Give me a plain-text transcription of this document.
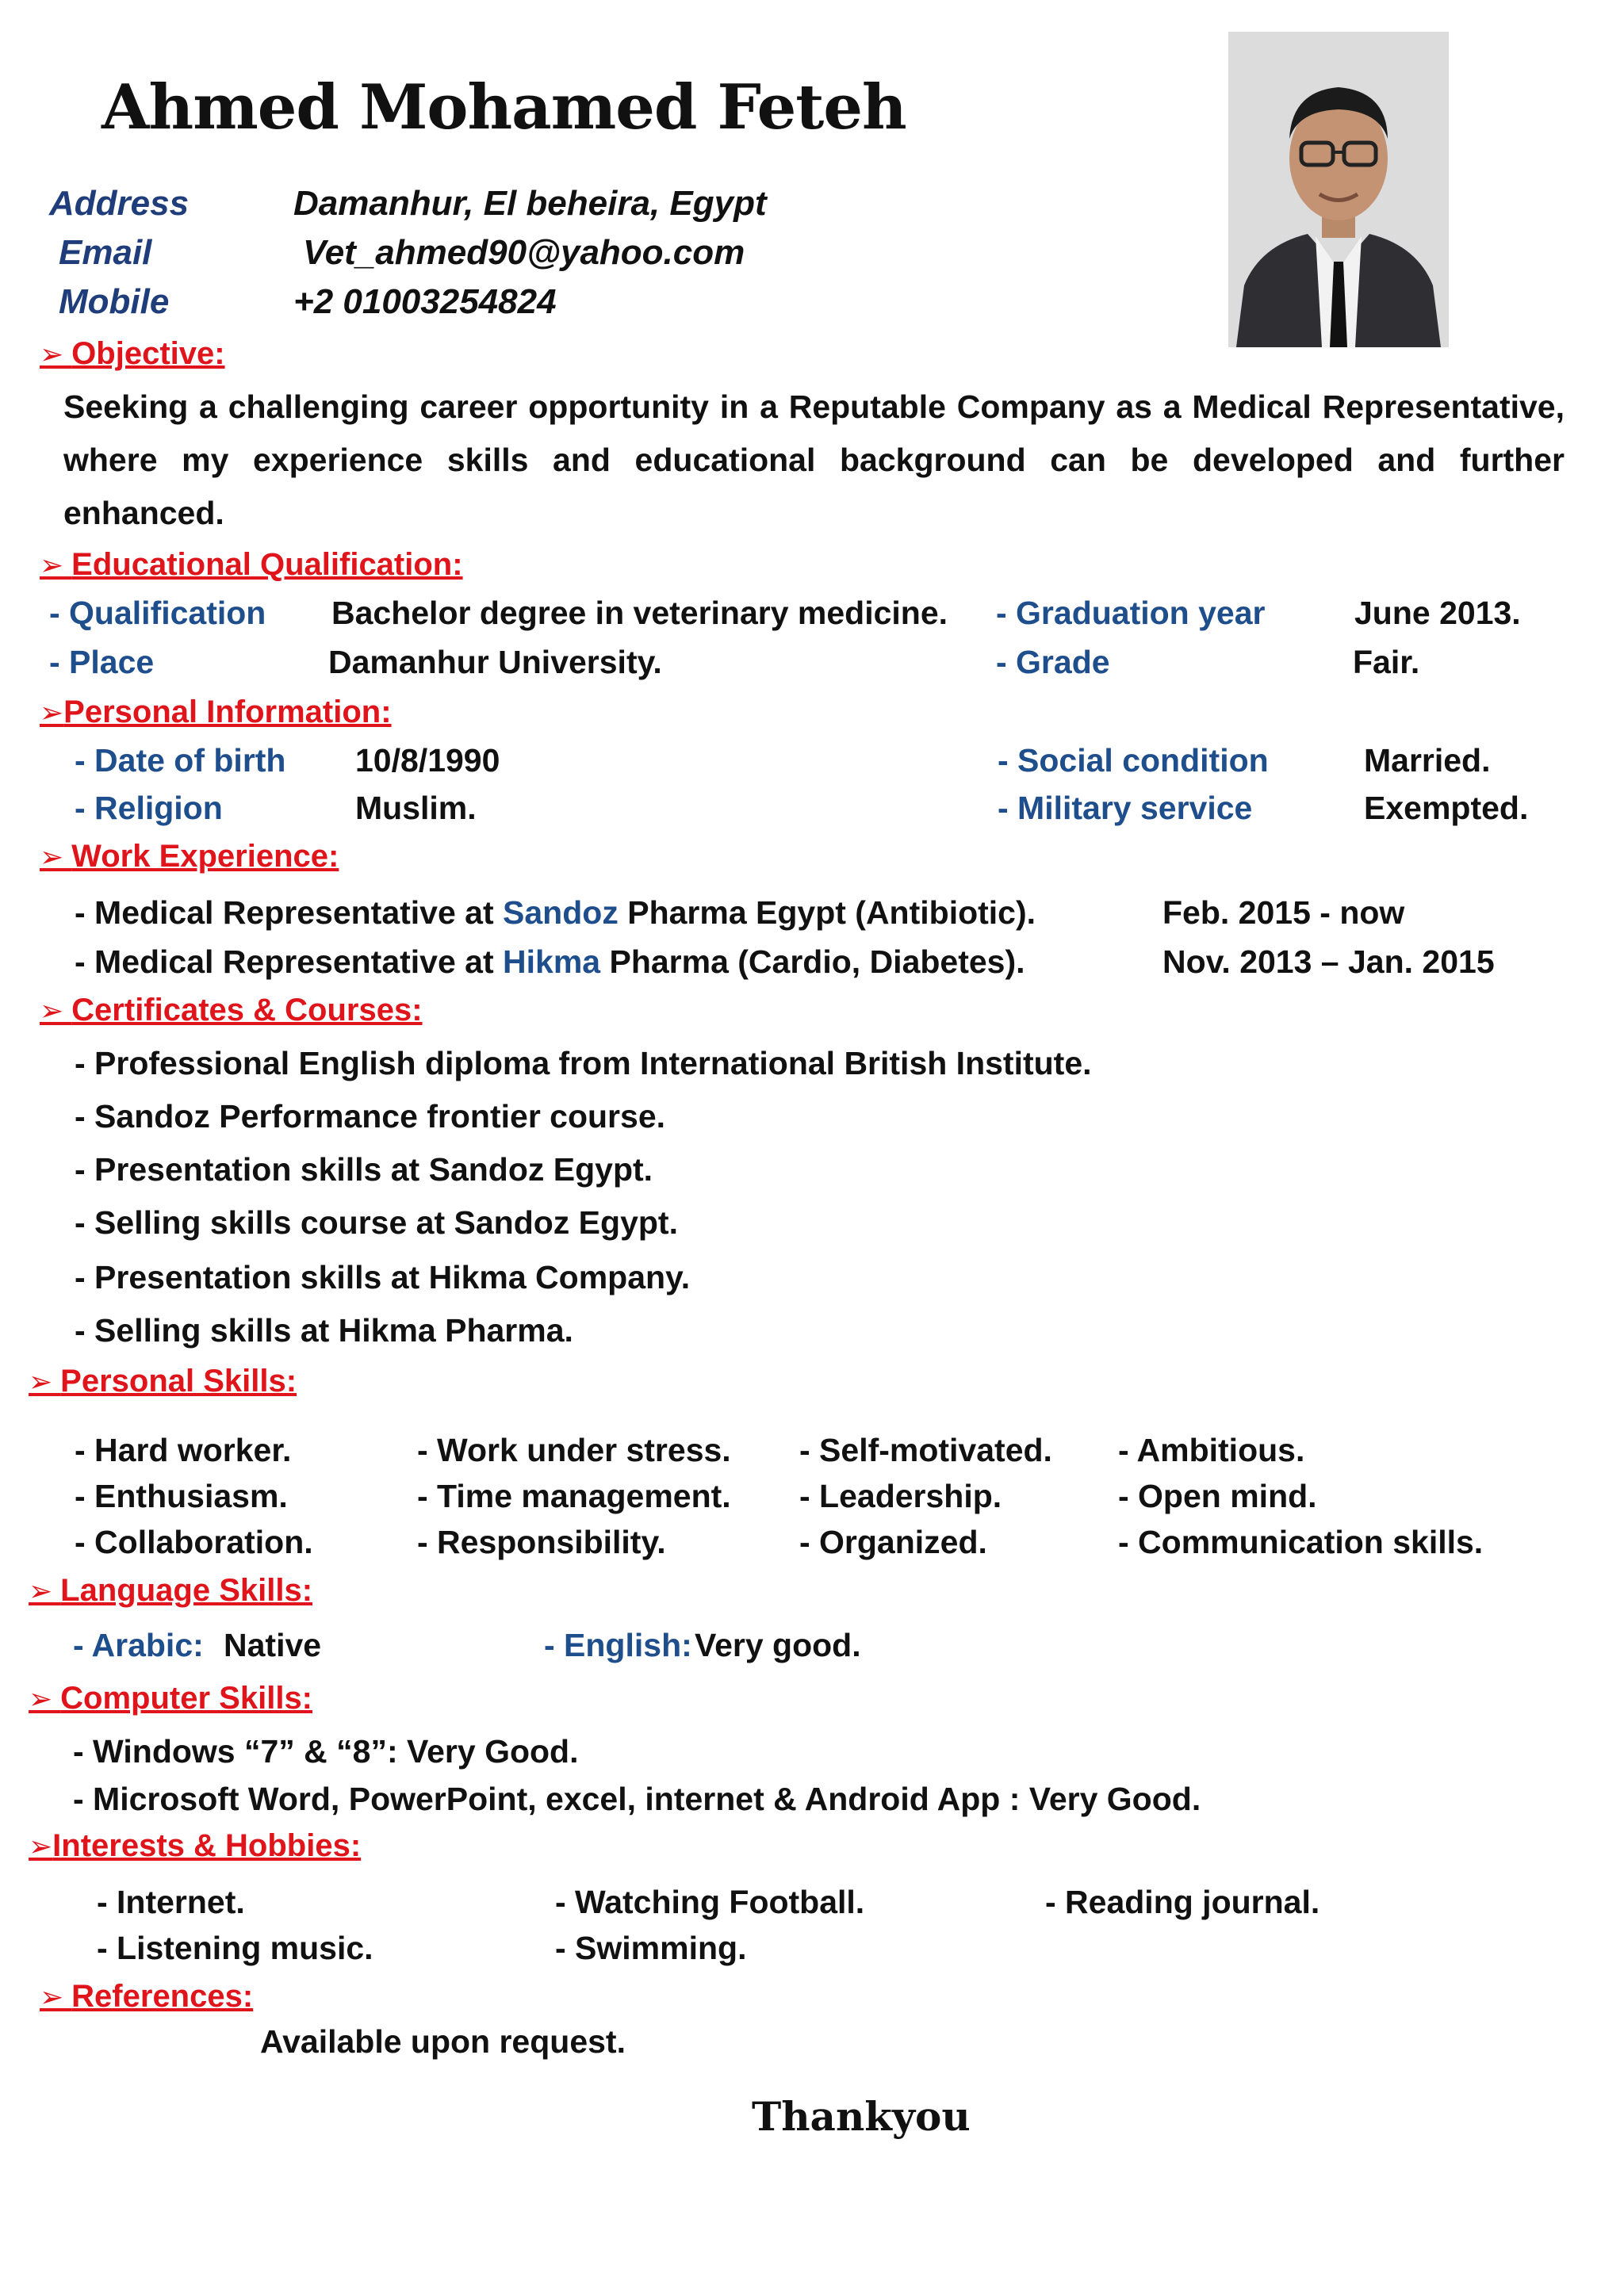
Ahmed Mohamed Feteh
Address	Damanhur, El beheira, Egypt
Email	Vet_ahmed90@yahoo.com
Mobile	+2 01003254824
➢ Objective:
Seeking a challenging career opportunity in a Reputable Company as a Medical Representative, where my experience skills and educational background can be developed and further enhanced.
➢ Educational Qualification:
- Qualification Bachelor degree in veterinary medicine. - Graduation year	June 2013.
- Place	Damanhur University.	- Grade	Fair.
➢Personal Information:
- Date of birth 10/8/1990	- Social condition	Married.
- Religion	Muslim.	- Military service	Exempted.
➢ Work Experience:
- Medical Representative at Sandoz Pharma Egypt (Antibiotic).	Feb. 2015 - now
- Medical Representative at Hikma Pharma (Cardio, Diabetes).	Nov. 2013 – Jan. 2015
➢ Certificates & Courses:
- Professional English diploma from International British Institute.
- Sandoz Performance frontier course.
- Presentation skills at Sandoz Egypt.
- Selling skills course at Sandoz Egypt.
- Presentation skills at Hikma Company.
- Selling skills at Hikma Pharma.
➢ Personal Skills:
- Hard worker.	- Work under stress. - Self-motivated. - Ambitious.
- Enthusiasm.	- Time management. - Leadership.	- Open mind.
- Collaboration.	- Responsibility.	- Organized.	- Communication skills.
➢ Language Skills:
- Arabic: Native	- English: Very good.
➢ Computer Skills:
- Windows “7” & “8”: Very Good.
- Microsoft Word, PowerPoint, excel, internet & Android App : Very Good.
➢Interests & Hobbies:
- Internet.	- Watching Football.	- Reading journal.
- Listening music.	- Swimming.
➢ References:
Available upon request.
Thankyou
